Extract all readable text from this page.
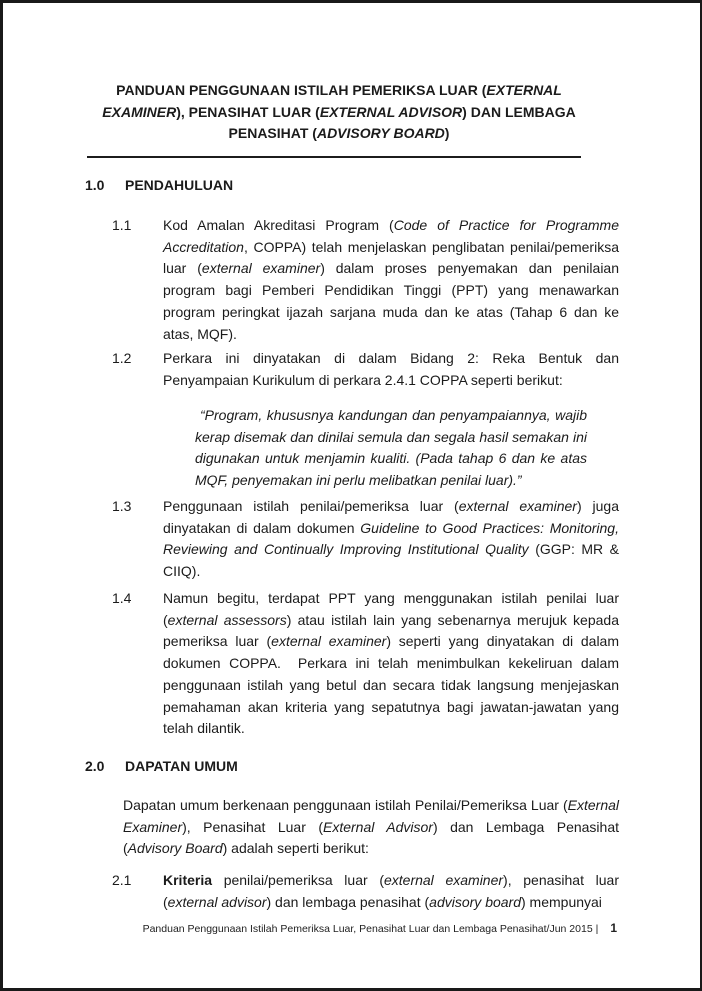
PANDUAN PENGGUNAAN ISTILAH PEMERIKSA LUAR (EXTERNAL
EXAMINER), PENASIHAT LUAR (EXTERNAL ADVISOR) DAN LEMBAGA
PENASIHAT (ADVISORY BOARD)
1.0	PENDAHULUAN
1.1	Kod Amalan Akreditasi Program (Code of Practice for Programme Accreditation, COPPA) telah menjelaskan penglibatan penilai/pemeriksa luar (external examiner) dalam proses penyemakan dan penilaian program bagi Pemberi Pendidikan Tinggi (PPT) yang menawarkan program peringkat ijazah sarjana muda dan ke atas (Tahap 6 dan ke atas, MQF).
1.2	Perkara ini dinyatakan di dalam Bidang 2: Reka Bentuk dan Penyampaian Kurikulum di perkara 2.4.1 COPPA seperti berikut:
“Program, khususnya kandungan dan penyampaiannya, wajib kerap disemak dan dinilai semula dan segala hasil semakan ini digunakan untuk menjamin kualiti. (Pada tahap 6 dan ke atas MQF, penyemakan ini perlu melibatkan penilai luar).”
1.3	Penggunaan istilah penilai/pemeriksa luar (external examiner) juga dinyatakan di dalam dokumen Guideline to Good Practices: Monitoring, Reviewing and Continually Improving Institutional Quality (GGP: MR & CIIQ).
1.4	Namun begitu, terdapat PPT yang menggunakan istilah penilai luar (external assessors) atau istilah lain yang sebenarnya merujuk kepada pemeriksa luar (external examiner) seperti yang dinyatakan di dalam dokumen COPPA.  Perkara ini telah menimbulkan kekeliruan dalam penggunaan istilah yang betul dan secara tidak langsung menjejaskan pemahaman akan kriteria yang sepatutnya bagi jawatan-jawatan yang telah dilantik.
2.0	DAPATAN UMUM
Dapatan umum berkenaan penggunaan istilah Penilai/Pemeriksa Luar (External Examiner), Penasihat Luar (External Advisor) dan Lembaga Penasihat (Advisory Board) adalah seperti berikut:
2.1	Kriteria penilai/pemeriksa luar (external examiner), penasihat luar (external advisor) dan lembaga penasihat (advisory board) mempunyai
Panduan Penggunaan Istilah Pemeriksa Luar, Penasihat Luar dan Lembaga Penasihat/Jun 2015 | 1
